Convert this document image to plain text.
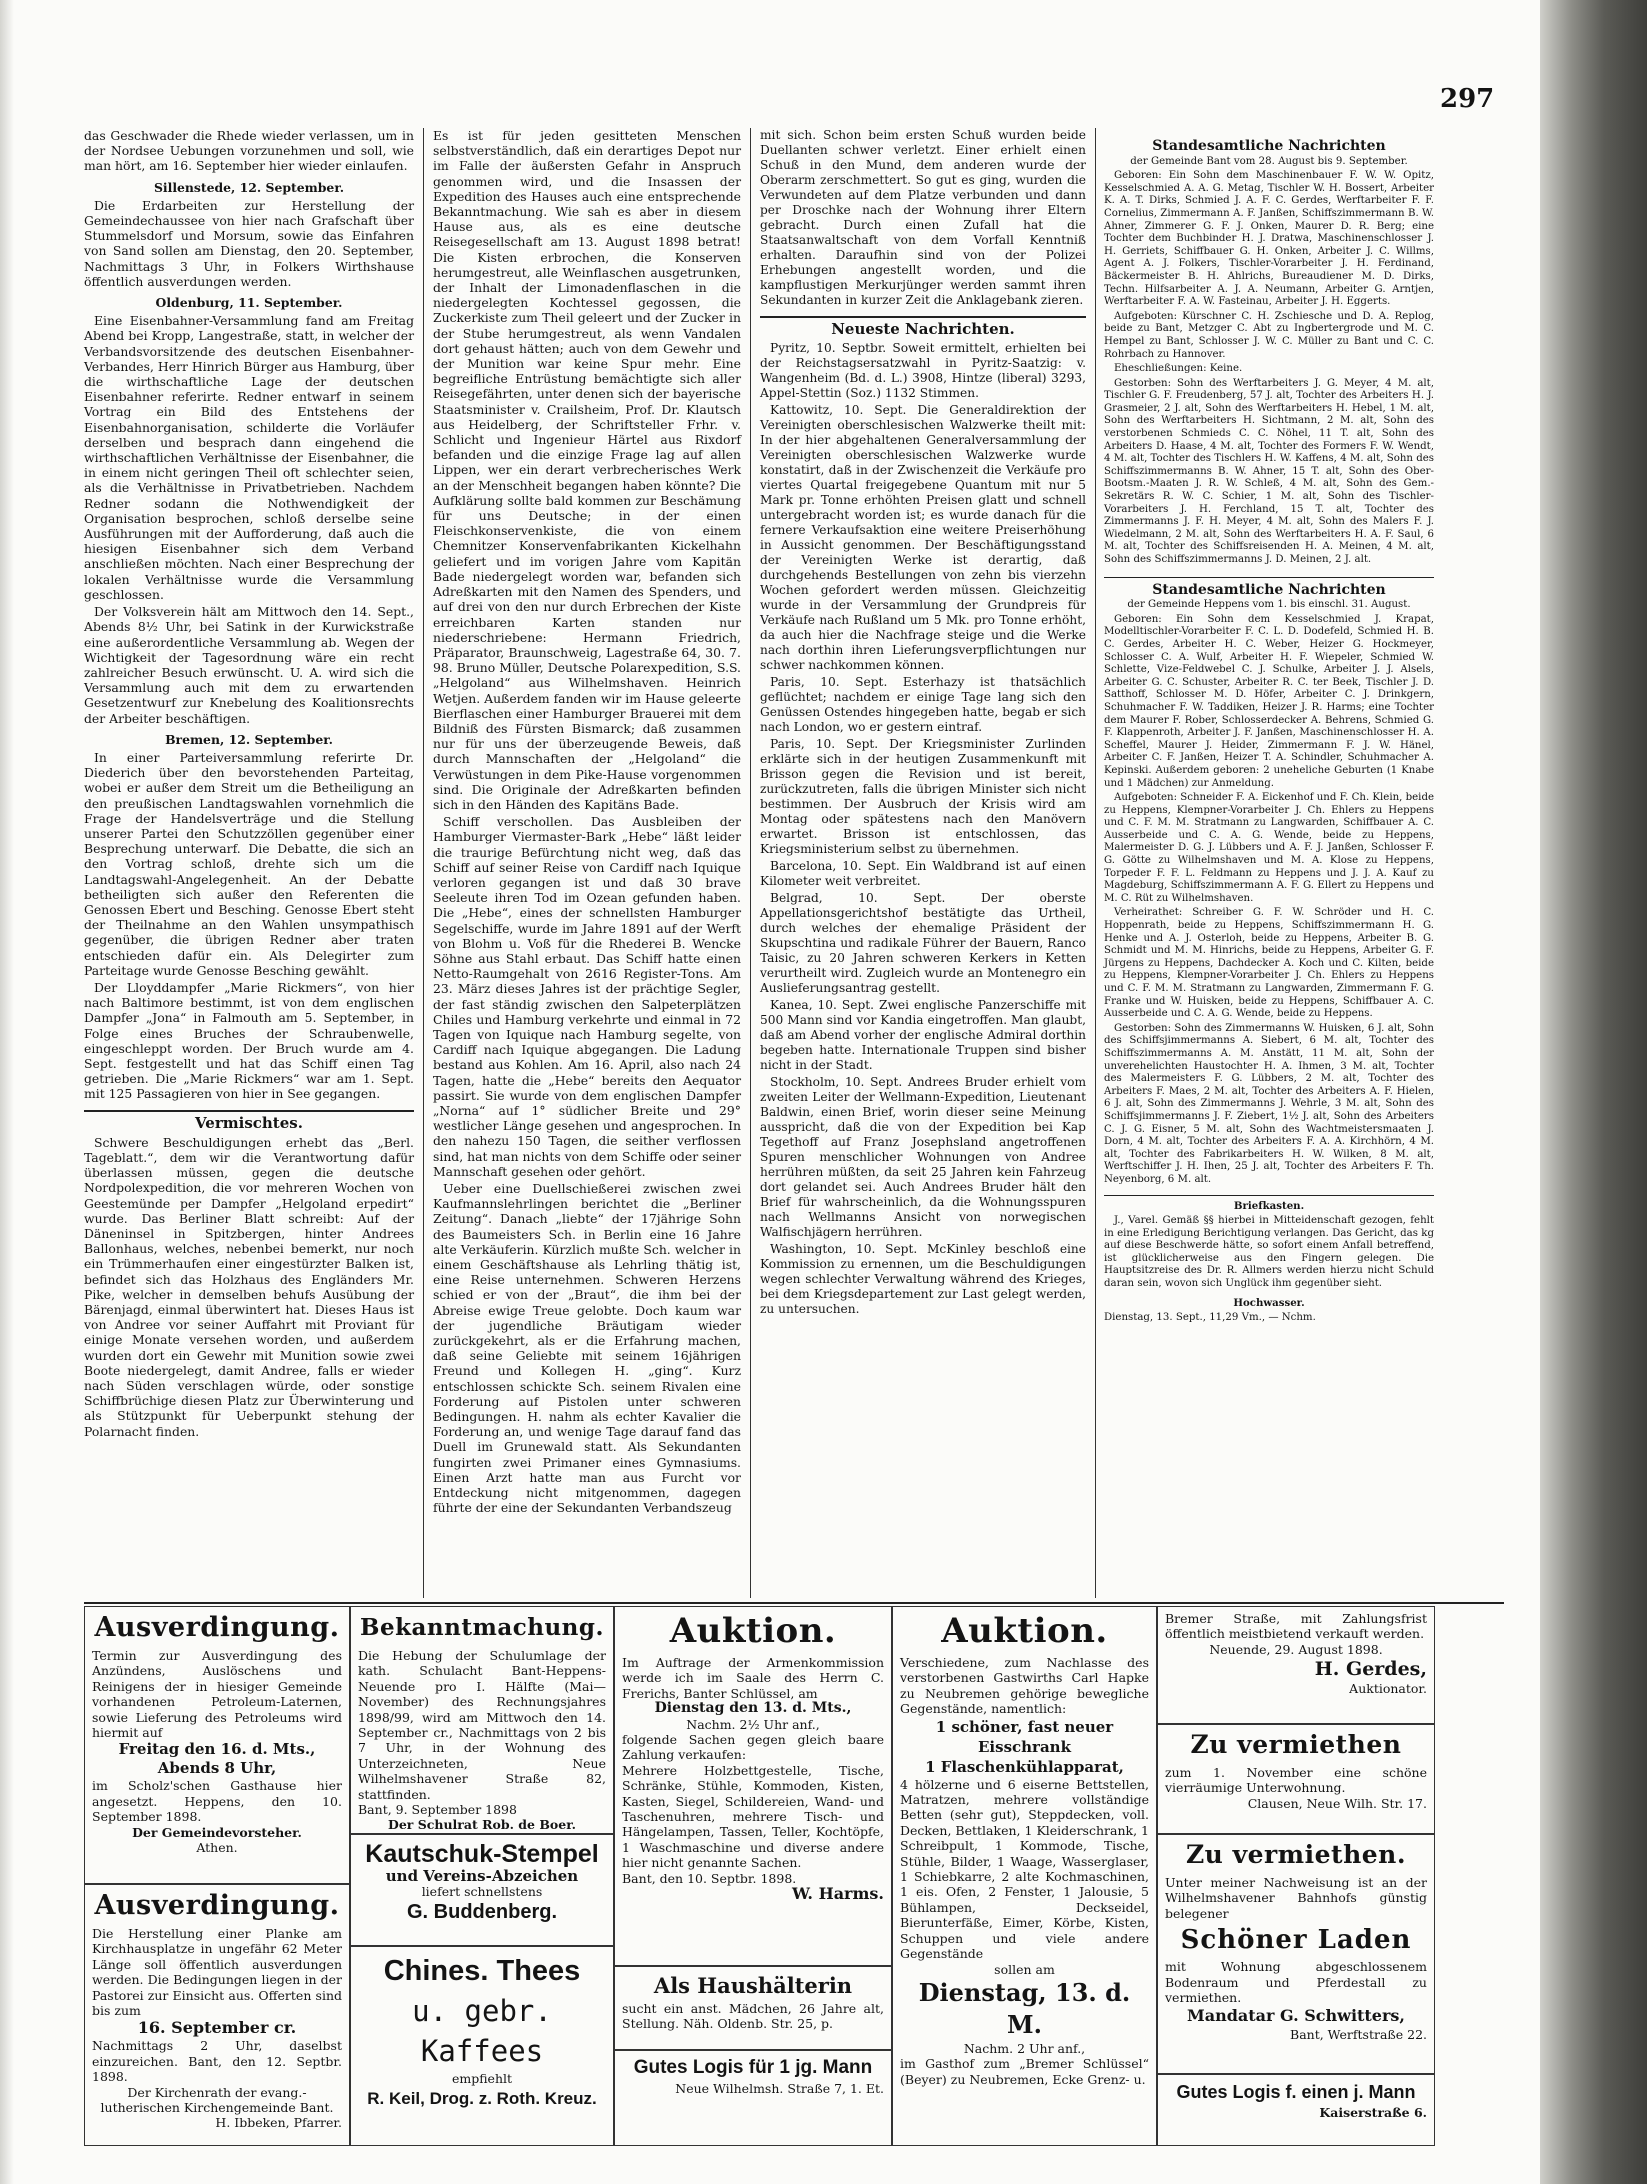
297

das Geschwader die Rhede wieder verlassen, um in der Nordsee Uebungen vorzunehmen und soll, wie man hört, am 16. September hier wieder einlaufen.

Sillenstede, 12. September.

Die Erdarbeiten zur Herstellung der Gemeindechaussee von hier nach Grafschaft über Stummelsdorf und Morsum, sowie das Einfahren von Sand sollen am Dienstag, den 20. September, Nachmittags 3 Uhr, in Folkers Wirthshause öffentlich ausverdungen werden.

Oldenburg, 11. September.

Eine Eisenbahner-Versammlung fand am Freitag Abend bei Kropp, Langestraße, statt, in welcher der Verbandsvorsitzende des deutschen Eisenbahner-Verbandes, Herr Hinrich Bürger aus Hamburg, über die wirthschaftliche Lage der deutschen Eisenbahner referirte. Redner entwarf in seinem Vortrag ein Bild des Entstehens der Eisenbahnorganisation, schilderte die Vorläufer derselben und besprach dann eingehend die wirthschaftlichen Verhältnisse der Eisenbahner, die in einem nicht geringen Theil oft schlechter seien, als die Verhältnisse in Privatbetrieben. Nachdem Redner sodann die Nothwendigkeit der Organisation besprochen, schloß derselbe seine Ausführungen mit der Aufforderung, daß auch die hiesigen Eisenbahner sich dem Verband anschließen möchten. Nach einer Besprechung der lokalen Verhältnisse wurde die Versammlung geschlossen.

Der Volksverein hält am Mittwoch den 14. Sept., Abends 8½ Uhr, bei Satink in der Kurwickstraße eine außerordentliche Versammlung ab. Wegen der Wichtigkeit der Tagesordnung wäre ein recht zahlreicher Besuch erwünscht. U. A. wird sich die Versammlung auch mit dem zu erwartenden Gesetzentwurf zur Knebelung des Koalitionsrechts der Arbeiter beschäftigen.

Bremen, 12. September.

In einer Parteiversammlung referirte Dr. Diederich über den bevorstehenden Parteitag, wobei er außer dem Streit um die Betheiligung an den preußischen Landtagswahlen vornehmlich die Frage der Handelsverträge und die Stellung unserer Partei den Schutzzöllen gegenüber einer Besprechung unterwarf. Die Debatte, die sich an den Vortrag schloß, drehte sich um die Landtagswahl-Angelegenheit. An der Debatte betheiligten sich außer den Referenten die Genossen Ebert und Besching. Genosse Ebert steht der Theilnahme an den Wahlen unsympathisch gegenüber, die übrigen Redner aber traten entschieden dafür ein. Als Delegirter zum Parteitage wurde Genosse Besching gewählt.

Der Lloyddampfer „Marie Rickmers“, von hier nach Baltimore bestimmt, ist von dem englischen Dampfer „Jona“ in Falmouth am 5. September, in Folge eines Bruches der Schraubenwelle, eingeschleppt worden. Der Bruch wurde am 4. Sept. festgestellt und hat das Schiff einen Tag getrieben. Die „Marie Rickmers“ war am 1. Sept. mit 125 Passagieren von hier in See gegangen.

Vermischtes.

Schwere Beschuldigungen erhebt das „Berl. Tageblatt.“, dem wir die Verantwortung dafür überlassen müssen, gegen die deutsche Nordpolexpedition, die vor mehreren Wochen von Geestemünde per Dampfer „Helgoland erpedirt“ wurde. Das Berliner Blatt schreibt: Auf der Däneninsel in Spitzbergen, hinter Andrees Ballonhaus, welches, nebenbei bemerkt, nur noch ein Trümmerhaufen einer eingestürzter Balken ist, befindet sich das Holzhaus des Engländers Mr. Pike, welcher in demselben behufs Ausübung der Bärenjagd, einmal überwintert hat. Dieses Haus ist von Andree vor seiner Auffahrt mit Proviant für einige Monate versehen worden, und außerdem wurden dort ein Gewehr mit Munition sowie zwei Boote niedergelegt, damit Andree, falls er wieder nach Süden verschlagen würde, oder sonstige Schiffbrüchige diesen Platz zur Überwinterung und als Stützpunkt für Ueberpunkt stehung der Polarnacht finden.

Es ist für jeden gesitteten Menschen selbstverständlich, daß ein derartiges Depot nur im Falle der äußersten Gefahr in Anspruch genommen wird, und die Insassen der Expedition des Hauses auch eine entsprechende Bekanntmachung. Wie sah es aber in diesem Hause aus, als es eine deutsche Reisegesellschaft am 13. August 1898 betrat! Die Kisten erbrochen, die Konserven herumgestreut, alle Weinflaschen ausgetrunken, der Inhalt der Limonadenflaschen in die niedergelegten Kochtessel gegossen, die Zuckerkiste zum Theil geleert und der Zucker in der Stube herumgestreut, als wenn Vandalen dort gehaust hätten; auch von dem Gewehr und der Munition war keine Spur mehr. Eine begreifliche Entrüstung bemächtigte sich aller Reisegefährten, unter denen sich der bayerische Staatsminister v. Crailsheim, Prof. Dr. Klautsch aus Heidelberg, der Schriftsteller Frhr. v. Schlicht und Ingenieur Härtel aus Rixdorf befanden und die einzige Frage lag auf allen Lippen, wer ein derart verbrecherisches Werk an der Menschheit begangen haben könnte? Die Aufklärung sollte bald kommen zur Beschämung für uns Deutsche; in der einen Fleischkonservenkiste, die von einem Chemnitzer Konservenfabrikanten Kickelhahn geliefert und im vorigen Jahre vom Kapitän Bade niedergelegt worden war, befanden sich Adreßkarten mit den Namen des Spenders, und auf drei von den nur durch Erbrechen der Kiste erreichbaren Karten standen nur niederschriebene: Hermann Friedrich, Präparator, Braunschweig, Lagestraße 64, 30. 7. 98. Bruno Müller, Deutsche Polarexpedition, S.S. „Helgoland“ aus Wilhelmshaven. Heinrich Wetjen. Außerdem fanden wir im Hause geleerte Bierflaschen einer Hamburger Brauerei mit dem Bildniß des Fürsten Bismarck; daß zusammen nur für uns der überzeugende Beweis, daß durch Mannschaften der „Helgoland“ die Verwüstungen in dem Pike-Hause vorgenommen sind. Die Originale der Adreßkarten befinden sich in den Händen des Kapitäns Bade.

Schiff verschollen. Das Ausbleiben der Hamburger Viermaster-Bark „Hebe“ läßt leider die traurige Befürchtung nicht weg, daß das Schiff auf seiner Reise von Cardiff nach Iquique verloren gegangen ist und daß 30 brave Seeleute ihren Tod im Ozean gefunden haben. Die „Hebe“, eines der schnellsten Hamburger Segelschiffe, wurde im Jahre 1891 auf der Werft von Blohm u. Voß für die Rhederei B. Wencke Söhne aus Stahl erbaut. Das Schiff hatte einen Netto-Raumgehalt von 2616 Register-Tons. Am 23. März dieses Jahres ist der prächtige Segler, der fast ständig zwischen den Salpeterplätzen Chiles und Hamburg verkehrte und einmal in 72 Tagen von Iquique nach Hamburg segelte, von Cardiff nach Iquique abgegangen. Die Ladung bestand aus Kohlen. Am 16. April, also nach 24 Tagen, hatte die „Hebe“ bereits den Aequator passirt. Sie wurde von dem englischen Dampfer „Norna“ auf 1° südlicher Breite und 29° westlicher Länge gesehen und angesprochen. In den nahezu 150 Tagen, die seither verflossen sind, hat man nichts von dem Schiffe oder seiner Mannschaft gesehen oder gehört.

Ueber eine Duellschießerei zwischen zwei Kaufmannslehrlingen berichtet die „Berliner Zeitung“. Danach „liebte“ der 17jährige Sohn des Baumeisters Sch. in Berlin eine 16 Jahre alte Verkäuferin. Kürzlich mußte Sch. welcher in einem Geschäftshause als Lehrling thätig ist, eine Reise unternehmen. Schweren Herzens schied er von der „Braut“, die ihm bei der Abreise ewige Treue gelobte. Doch kaum war der jugendliche Bräutigam wieder zurückgekehrt, als er die Erfahrung machen, daß seine Geliebte mit seinem 16jährigen Freund und Kollegen H. „ging“. Kurz entschlossen schickte Sch. seinem Rivalen eine Forderung auf Pistolen unter schweren Bedingungen. H. nahm als echter Kavalier die Forderung an, und wenige Tage darauf fand das Duell im Grunewald statt. Als Sekundanten fungirten zwei Primaner eines Gymnasiums. Einen Arzt hatte man aus Furcht vor Entdeckung nicht mitgenommen, dagegen führte der eine der Sekundanten Verbandszeug

mit sich. Schon beim ersten Schuß wurden beide Duellanten schwer verletzt. Einer erhielt einen Schuß in den Mund, dem anderen wurde der Oberarm zerschmettert. So gut es ging, wurden die Verwundeten auf dem Platze verbunden und dann per Droschke nach der Wohnung ihrer Eltern gebracht. Durch einen Zufall hat die Staatsanwaltschaft von dem Vorfall Kenntniß erhalten. Daraufhin sind von der Polizei Erhebungen angestellt worden, und die kampflustigen Merkurjünger werden sammt ihren Sekundanten in kurzer Zeit die Anklagebank zieren.

Neueste Nachrichten.

Pyritz, 10. Septbr. Soweit ermittelt, erhielten bei der Reichstagsersatzwahl in Pyritz-Saatzig: v. Wangenheim (Bd. d. L.) 3908, Hintze (liberal) 3293, Appel-Stettin (Soz.) 1132 Stimmen.

Kattowitz, 10. Sept. Die Generaldirektion der Vereinigten oberschlesischen Walzwerke theilt mit: In der hier abgehaltenen Generalversammlung der Vereinigten oberschlesischen Walzwerke wurde konstatirt, daß in der Zwischenzeit die Verkäufe pro viertes Quartal freigegebene Quantum mit nur 5 Mark pr. Tonne erhöhten Preisen glatt und schnell untergebracht worden ist; es wurde danach für die fernere Verkaufsaktion eine weitere Preiserhöhung in Aussicht genommen. Der Beschäftigungsstand der Vereinigten Werke ist derartig, daß durchgehends Bestellungen von zehn bis vierzehn Wochen gefordert werden müssen. Gleichzeitig wurde in der Versammlung der Grundpreis für Verkäufe nach Rußland um 5 Mk. pro Tonne erhöht, da auch hier die Nachfrage steige und die Werke nach dorthin ihren Lieferungsverpflichtungen nur schwer nachkommen können.

Paris, 10. Sept. Esterhazy ist thatsächlich geflüchtet; nachdem er einige Tage lang sich den Genüssen Ostendes hingegeben hatte, begab er sich nach London, wo er gestern eintraf.

Paris, 10. Sept. Der Kriegsminister Zurlinden erklärte sich in der heutigen Zusammenkunft mit Brisson gegen die Revision und ist bereit, zurückzutreten, falls die übrigen Minister sich nicht bestimmen. Der Ausbruch der Krisis wird am Montag oder spätestens nach den Manövern erwartet. Brisson ist entschlossen, das Kriegsministerium selbst zu übernehmen.

Barcelona, 10. Sept. Ein Waldbrand ist auf einen Kilometer weit verbreitet.

Belgrad, 10. Sept. Der oberste Appellationsgerichtshof bestätigte das Urtheil, durch welches der ehemalige Präsident der Skupschtina und radikale Führer der Bauern, Ranco Taisic, zu 20 Jahren schweren Kerkers in Ketten verurtheilt wird. Zugleich wurde an Montenegro ein Auslieferungsantrag gestellt.

Kanea, 10. Sept. Zwei englische Panzerschiffe mit 500 Mann sind vor Kandia eingetroffen. Man glaubt, daß am Abend vorher der englische Admiral dorthin begeben hatte. Internationale Truppen sind bisher nicht in der Stadt.

Stockholm, 10. Sept. Andrees Bruder erhielt vom zweiten Leiter der Wellmann-Expedition, Lieutenant Baldwin, einen Brief, worin dieser seine Meinung ausspricht, daß die von der Expedition bei Kap Tegethoff auf Franz Josephsland angetroffenen Spuren menschlicher Wohnungen von Andree herrühren müßten, da seit 25 Jahren kein Fahrzeug dort gelandet sei. Auch Andrees Bruder hält den Brief für wahrscheinlich, da die Wohnungsspuren nach Wellmanns Ansicht von norwegischen Walfischjägern herrühren.

Washington, 10. Sept. McKinley beschloß eine Kommission zu ernennen, um die Beschuldigungen wegen schlechter Verwaltung während des Krieges, bei dem Kriegsdepartement zur Last gelegt werden, zu untersuchen.

Standesamtliche Nachrichten

der Gemeinde Bant vom 28. August bis 9. September.

Geboren: Ein Sohn dem Maschinenbauer F. W. W. Opitz, Kesselschmied A. A. G. Metag, Tischler W. H. Bossert, Arbeiter K. A. T. Dirks, Schmied J. A. F. C. Gerdes, Werftarbeiter F. F. Cornelius, Zimmermann A. F. Janßen, Schiffszimmermann B. W. Ahner, Zimmerer G. F. J. Onken, Maurer D. R. Berg; eine Tochter dem Buchbinder H. J. Dratwa, Maschinenschlosser J. H. Gerriets, Schiffbauer G. H. Onken, Arbeiter J. C. Willms, Agent A. J. Folkers, Tischler-Vorarbeiter J. H. Ferdinand, Bäckermeister B. H. Ahlrichs, Bureaudiener M. D. Dirks, Techn. Hilfsarbeiter A. J. A. Neumann, Arbeiter G. Arntjen, Werftarbeiter F. A. W. Fasteinau, Arbeiter J. H. Eggerts.

Aufgeboten: Kürschner C. H. Zschiesche und D. A. Replog, beide zu Bant, Metzger C. Abt zu Ingbertergrode und M. C. Hempel zu Bant, Schlosser J. W. C. Müller zu Bant und C. C. Rohrbach zu Hannover.

Eheschließungen: Keine.

Gestorben: Sohn des Werftarbeiters J. G. Meyer, 4 M. alt, Tischler G. F. Freudenberg, 57 J. alt, Tochter des Arbeiters H. J. Grasmeier, 2 J. alt, Sohn des Werftarbeiters H. Hebel, 1 M. alt, Sohn des Werftarbeiters H. Sichtmann, 2 M. alt, Sohn des verstorbenen Schmieds C. C. Nöhel, 11 T. alt, Sohn des Arbeiters D. Haase, 4 M. alt, Tochter des Formers F. W. Wendt, 4 M. alt, Tochter des Tischlers H. W. Kaffens, 4 M. alt, Sohn des Schiffszimmermanns B. W. Ahner, 15 T. alt, Sohn des Ober-Bootsm.-Maaten J. R. W. Schleß, 4 M. alt, Sohn des Gem.-Sekretärs R. W. C. Schier, 1 M. alt, Sohn des Tischler-Vorarbeiters J. H. Ferchland, 15 T. alt, Tochter des Zimmermanns J. F. H. Meyer, 4 M. alt, Sohn des Malers F. J. Wiedelmann, 2 M. alt, Sohn des Werftarbeiters H. A. F. Saul, 6 M. alt, Tochter des Schiffsreisenden H. A. Meinen, 4 M. alt, Sohn des Schiffszimmermanns J. D. Meinen, 2 J. alt.

Standesamtliche Nachrichten

der Gemeinde Heppens vom 1. bis einschl. 31. August.

Geboren: Ein Sohn dem Kesselschmied J. Krapat, Modelltischler-Vorarbeiter F. C. L. D. Dodefeld, Schmied H. B. C. Gerdes, Arbeiter H. C. Weber, Heizer G. Hockmeyer, Schlosser C. A. Wulf, Arbeiter H. F. Wiepeler, Schmied W. Schlette, Vize-Feldwebel C. J. Schulke, Arbeiter J. J. Alsels, Arbeiter G. C. Schuster, Arbeiter R. C. ter Beek, Tischler J. D. Satthoff, Schlosser M. D. Höfer, Arbeiter C. J. Drinkgern, Schuhmacher F. W. Taddiken, Heizer J. R. Harms; eine Tochter dem Maurer F. Rober, Schlosserdecker A. Behrens, Schmied G. F. Klappenroth, Arbeiter J. F. Janßen, Maschinenschlosser H. A. Scheffel, Maurer J. Heider, Zimmermann F. J. W. Hänel, Arbeiter C. F. Janßen, Heizer T. A. Schindler, Schuhmacher A. Kepinski. Außerdem geboren: 2 uneheliche Geburten (1 Knabe und 1 Mädchen) zur Anmeldung.

Aufgeboten: Schneider F. A. Eickenhof und F. Ch. Klein, beide zu Heppens, Klempner-Vorarbeiter J. Ch. Ehlers zu Heppens und C. F. M. M. Stratmann zu Langwarden, Schiffbauer A. C. Ausserbeide und C. A. G. Wende, beide zu Heppens, Malermeister D. G. J. Lübbers und A. F. J. Janßen, Schlosser F. G. Götte zu Wilhelmshaven und M. A. Klose zu Heppens, Torpeder F. F. L. Feldmann zu Heppens und J. J. A. Kauf zu Magdeburg, Schiffszimmermann A. F. G. Ellert zu Heppens und M. C. Rüt zu Wilhelmshaven.

Verheirathet: Schreiber G. F. W. Schröder und H. C. Hoppenrath, beide zu Heppens, Schiffszimmermann H. G. Henke und A. J. Osterloh, beide zu Heppens, Arbeiter B. G. Schmidt und M. M. Hinrichs, beide zu Heppens, Arbeiter G. F. Jürgens zu Heppens, Dachdecker A. Koch und C. Kilten, beide zu Heppens, Klempner-Vorarbeiter J. Ch. Ehlers zu Heppens und C. F. M. M. Stratmann zu Langwarden, Zimmermann F. G. Franke und W. Huisken, beide zu Heppens, Schiffbauer A. C. Ausserbeide und C. A. G. Wende, beide zu Heppens.

Gestorben: Sohn des Zimmermanns W. Huisken, 6 J. alt, Sohn des Schiffsjimmermanns A. Siebert, 6 M. alt, Tochter des Schiffszimmermanns A. M. Anstätt, 11 M. alt, Sohn der unverehelichten Haustochter H. A. Ihmen, 3 M. alt, Tochter des Malermeisters F. G. Lübbers, 2 M. alt, Tochter des Arbeiters F. Maes, 2 M. alt, Tochter des Arbeiters A. F. Hielen, 6 J. alt, Sohn des Zimmermanns J. Wehrle, 3 M. alt, Sohn des Schiffsjimmermanns J. F. Ziebert, 1½ J. alt, Sohn des Arbeiters C. J. G. Eisner, 5 M. alt, Sohn des Wachtmeistersmaaten J. Dorn, 4 M. alt, Tochter des Arbeiters F. A. A. Kirchhörn, 4 M. alt, Tochter des Fabrikarbeiters H. W. Wilken, 8 M. alt, Werftschiffer J. H. Ihen, 25 J. alt, Tochter des Arbeiters F. Th. Neyenborg, 6 M. alt.

Briefkasten.

J., Varel. Gemäß §§ hierbei in Mitteidenschaft gezogen, fehlt in eine Erledigung Berichtigung verlangen. Das Gericht, das kg auf diese Beschwerde hätte, so sofort einem Anfall betreffend, ist glücklicherweise aus den Fingern gelegen. Die Hauptsitzreise des Dr. R. Allmers werden hierzu nicht Schuld daran sein, wovon sich Unglück ihm gegenüber sieht.

Hochwasser.

Dienstag, 13. Sept., 11,29 Vm., — Nchm.

Ausverdingung.
Termin zur Ausverdingung des Anzündens, Auslöschens und Reinigens der in hiesiger Gemeinde vorhandenen Petroleum-Laternen, sowie Lieferung des Petroleums wird hiermit auf
Freitag den 16. d. Mts., Abends 8 Uhr,
im Scholz'schen Gasthause hier angesetzt. Heppens, den 10. September 1898.
Der Gemeindevorsteher.
Athen.
Ausverdingung.
Die Herstellung einer Planke am Kirchhausplatze in ungefähr 62 Meter Länge soll öffentlich ausverdungen werden. Die Bedingungen liegen in der Pastorei zur Einsicht aus. Offerten sind bis zum
16. September cr.
Nachmittags 2 Uhr, daselbst einzureichen. Bant, den 12. Septbr. 1898.
Der Kirchenrath der evang.-lutherischen Kirchengemeinde Bant.
H. Ibbeken, Pfarrer.
Bekanntmachung.
Die Hebung der Schulumlage der kath. Schulacht Bant-Heppens-Neuende pro I. Hälfte (Mai—November) des Rechnungsjahres 1898/99, wird am Mittwoch den 14. September cr., Nachmittags von 2 bis 7 Uhr, in der Wohnung des Unterzeichneten, Neue Wilhelmshavener Straße 82, stattfinden.
Bant, 9. September 1898
Der Schulrat Rob. de Boer.
Kautschuk-Stempel
und Vereins-Abzeichen
liefert schnellstens
G. Buddenberg.
Chines. Thees
u. gebr. Kaffees
empfiehlt
R. Keil, Drog. z. Roth. Kreuz.
Auktion.
Im Auftrage der Armenkommission werde ich im Saale des Herrn C. Frerichs, Banter Schlüssel, am
Dienstag den 13. d. Mts.,
Nachm. 2½ Uhr anf.,
folgende Sachen gegen gleich baare Zahlung verkaufen:
Mehrere Holzbettgestelle, Tische, Schränke, Stühle, Kommoden, Kisten, Kasten, Siegel, Schildereien, Wand- und Taschenuhren, mehrere Tisch- und Hängelampen, Tassen, Teller, Kochtöpfe, 1 Waschmaschine und diverse andere hier nicht genannte Sachen.
Bant, den 10. Septbr. 1898.
W. Harms.
Als Haushälterin
sucht ein anst. Mädchen, 26 Jahre alt, Stellung. Näh. Oldenb. Str. 25, p.
Gutes Logis für 1 jg. Mann
Neue Wilhelmsh. Straße 7, 1. Et.
Auktion.
Verschiedene, zum Nachlasse des verstorbenen Gastwirths Carl Hapke zu Neubremen gehörige bewegliche Gegenstände, namentlich:
1 schöner, fast neuer Eisschrank
1 Flaschenkühlapparat,
4 hölzerne und 6 eiserne Bettstellen, Matratzen, mehrere vollständige Betten (sehr gut), Steppdecken, voll. Decken, Bettlaken, 1 Kleiderschrank, 1 Schreibpult, 1 Kommode, Tische, Stühle, Bilder, 1 Waage, Wasserglaser, 1 Schiebkarre, 2 alte Kochmaschinen, 1 eis. Ofen, 2 Fenster, 1 Jalousie, 5 Bühlampen, Deckseidel, Bierunterfäße, Eimer, Körbe, Kisten, Schuppen und viele andere Gegenstände
sollen am
Dienstag, 13. d. M.
Nachm. 2 Uhr anf.,
im Gasthof zum „Bremer Schlüssel“ (Beyer) zu Neubremen, Ecke Grenz- u.
Bremer Straße, mit Zahlungsfrist öffentlich meistbietend verkauft werden.
Neuende, 29. August 1898.
H. Gerdes,
Auktionator.
Zu vermiethen
zum 1. November eine schöne vierräumige Unterwohnung.
Clausen, Neue Wilh. Str. 17.
Zu vermiethen.
Unter meiner Nachweisung ist an der Wilhelmshavener Bahnhofs günstig belegener
Schöner Laden
mit Wohnung abgeschlossenem Bodenraum und Pferdestall zu vermiethen.
Mandatar G. Schwitters,
Bant, Werftstraße 22.
Gutes Logis f. einen j. Mann
Kaiserstraße 6.
